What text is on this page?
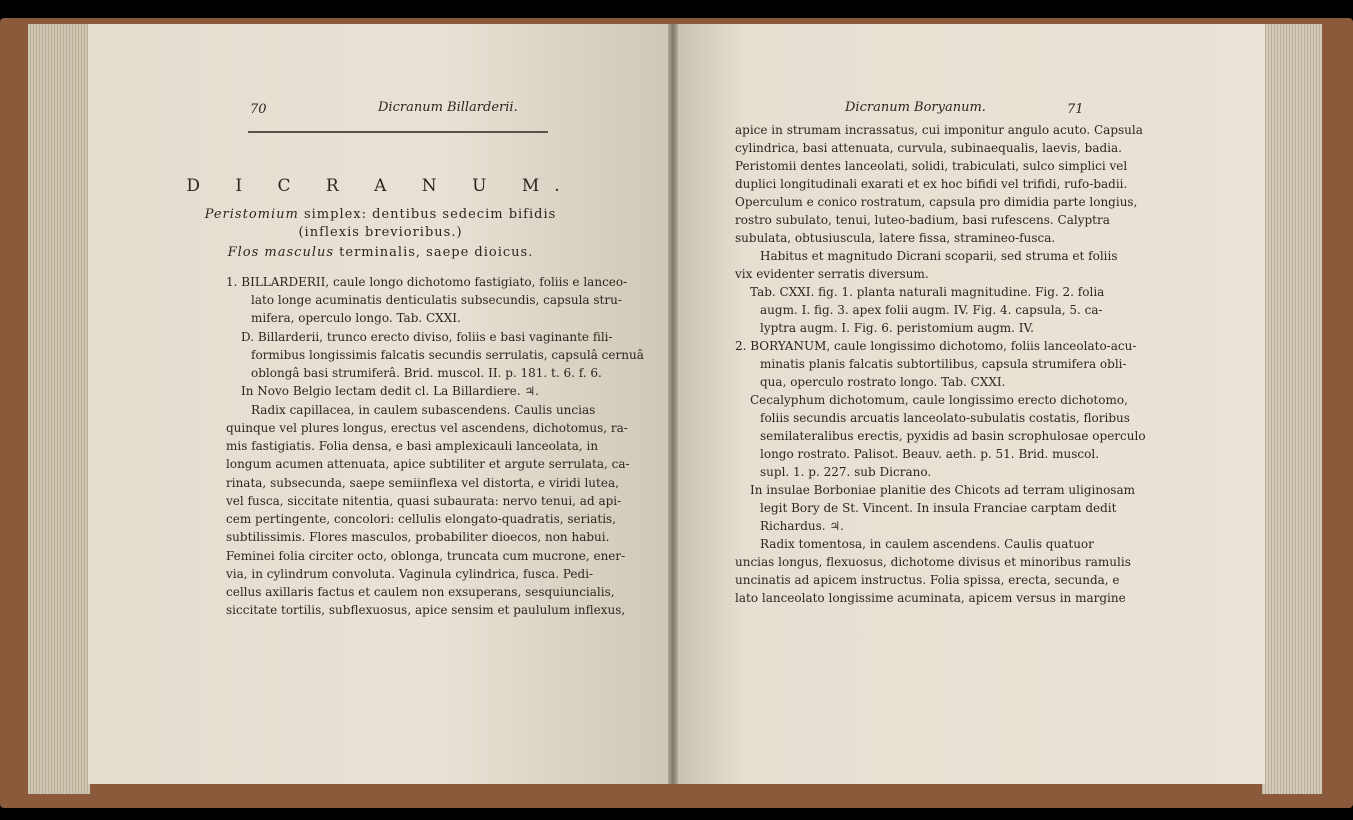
70	Dicranum Billarderii.
D I C R A N U M.
Peristomium simplex: dentibus sedecim bifidis
(inflexis brevioribus.)
Flos masculus terminalis, saepe dioicus.
1. BILLARDERII, caule longo dichotomo fastigiato, foliis e lanceo-
lato longe acuminatis denticulatis subsecundis, capsula stru-
mifera, operculo longo. Tab. CXXI.
D. Billarderii, trunco erecto diviso, foliis e basi vaginante fili-
formibus longissimis falcatis secundis serrulatis, capsulâ cernuâ
oblongâ basi strumiferâ. Brid. muscol. II. p. 181. t. 6. f. 6.
In Novo Belgio lectam dedit cl. La Billardiere. ♃.
Radix capillacea, in caulem subascendens. Caulis uncias
quinque vel plures longus, erectus vel ascendens, dichotomus, ra-
mis fastigiatis. Folia densa, e basi amplexicauli lanceolata, in
longum acumen attenuata, apice subtiliter et argute serrulata, ca-
rinata, subsecunda, saepe semiinflexa vel distorta, e viridi lutea,
vel fusca, siccitate nitentia, quasi subaurata: nervo tenui, ad api-
cem pertingente, concolori: cellulis elongato-quadratis, seriatis,
subtilissimis. Flores masculos, probabiliter dioecos, non habui.
Feminei folia circiter octo, oblonga, truncata cum mucrone, ener-
via, in cylindrum convoluta. Vaginula cylindrica, fusca. Pedi-
cellus axillaris factus et caulem non exsuperans, sesquiuncialis,
siccitate tortilis, subflexuosus, apice sensim et paululum inflexus,
Dicranum Boryanum.	71
apice in strumam incrassatus, cui imponitur angulo acuto. Capsula
cylindrica, basi attenuata, curvula, subinaequalis, laevis, badia.
Peristomii dentes lanceolati, solidi, trabiculati, sulco simplici vel
duplici longitudinali exarati et ex hoc bifidi vel trifidi, rufo-badii.
Operculum e conico rostratum, capsula pro dimidia parte longius,
rostro subulato, tenui, luteo-badium, basi rufescens. Calyptra
subulata, obtusiuscula, latere fissa, stramineo-fusca.
Habitus et magnitudo Dicrani scoparii, sed struma et foliis
vix evidenter serratis diversum.
Tab. CXXI. fig. 1. planta naturali magnitudine. Fig. 2. folia
augm. I. fig. 3. apex folii augm. IV. Fig. 4. capsula, 5. ca-
lyptra augm. I. Fig. 6. peristomium augm. IV.
2. BORYANUM, caule longissimo dichotomo, foliis lanceolato-acu-
minatis planis falcatis subtortilibus, capsula strumifera obli-
qua, operculo rostrato longo. Tab. CXXI.
Cecalyphum dichotomum, caule longissimo erecto dichotomo,
foliis secundis arcuatis lanceolato-subulatis costatis, floribus
semilateralibus erectis, pyxidis ad basin scrophulosae operculo
longo rostrato. Palisot. Beauv. aeth. p. 51. Brid. muscol.
supl. 1. p. 227. sub Dicrano.
In insulae Borboniae planitie des Chicots ad terram uliginosam
legit Bory de St. Vincent. In insula Franciae carptam dedit
Richardus. ♃.
Radix tomentosa, in caulem ascendens. Caulis quatuor
uncias longus, flexuosus, dichotome divisus et minoribus ramulis
uncinatis ad apicem instructus. Folia spissa, erecta, secunda, e
lato lanceolato longissime acuminata, apicem versus in margine
